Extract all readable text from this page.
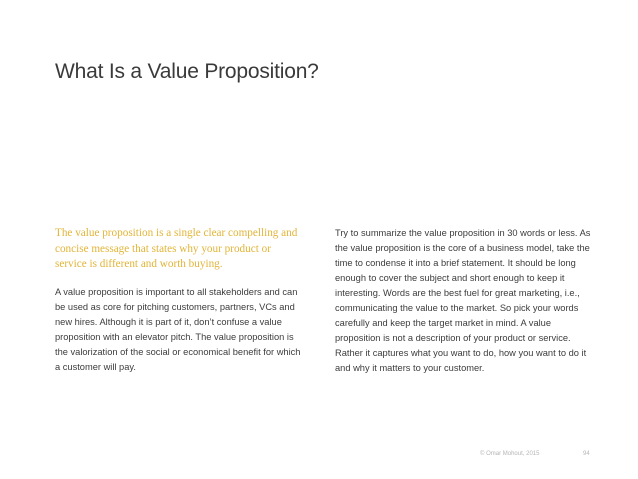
What Is a Value Proposition?

The value proposition is a single clear compelling and concise message that states why your product or service is different and worth buying.

A value proposition is important to all stakeholders and can be used as core for pitching customers, partners, VCs and new hires. Although it is part of it, don’t confuse a value proposition with an elevator pitch. The value proposition is the valorization of the social or economical benefit for which a customer will pay.

Try to summarize the value proposition in 30 words or less. As the value proposition is the core of a business model, take the time to condense it into a brief statement. It should be long enough to cover the subject and short enough to keep it interesting. Words are the best fuel for great marketing, i.e., communicating the value to the market. So pick your words carefully and keep the target market in mind. A value proposition is not a description of your product or service. Rather it captures what you want to do, how you want to do it and why it matters to your customer.

© Omar Mohout, 2015	94
